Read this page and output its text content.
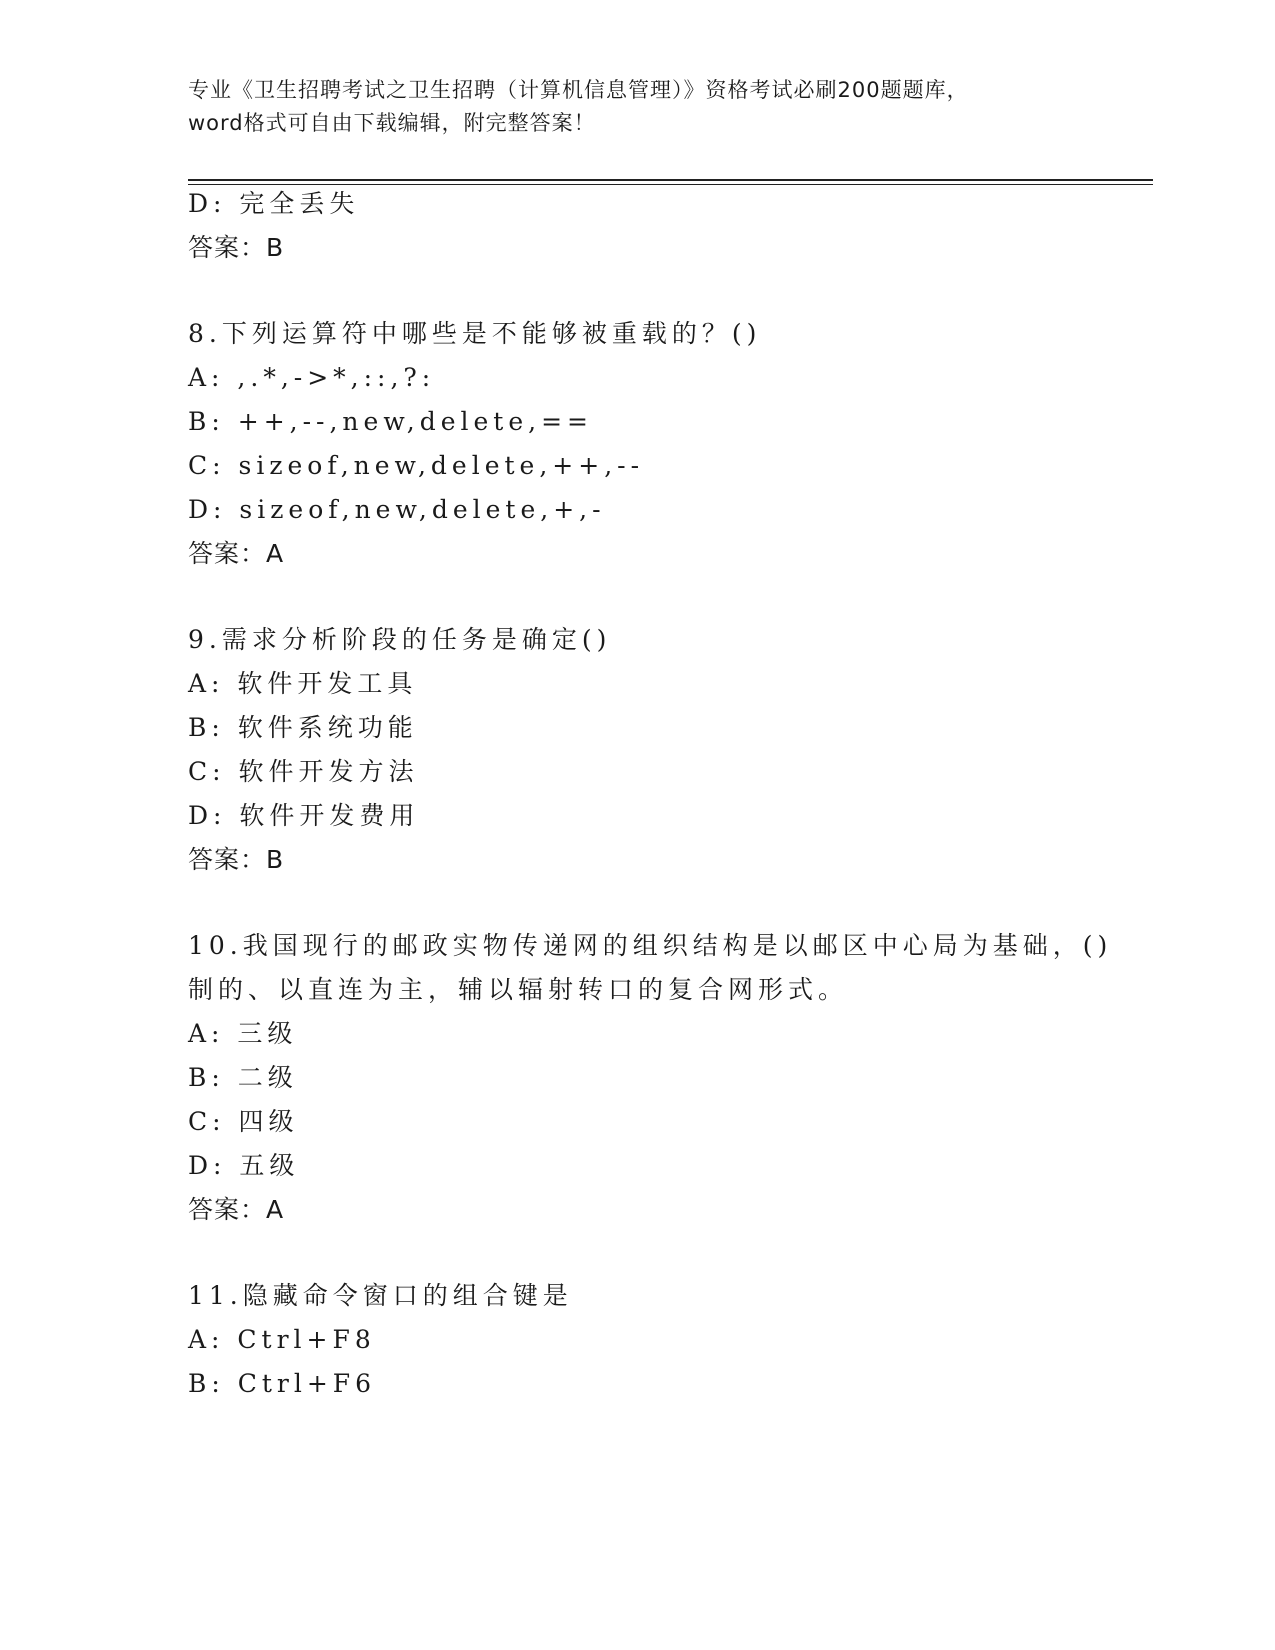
专业《卫生招聘考试之卫生招聘（计算机信息管理）》资格考试必刷200题题库，
word格式可自由下载编辑，附完整答案！
D: 完全丢失
答案：B
8.下列运算符中哪些是不能够被重载的？()
A: ,.*,->*,::,?:
B: ++,--,new,delete,==
C: sizeof,new,delete,++,--
D: sizeof,new,delete,+,-
答案：A
9.需求分析阶段的任务是确定()
A: 软件开发工具
B: 软件系统功能
C: 软件开发方法
D: 软件开发费用
答案：B
10.我国现行的邮政实物传递网的组织结构是以邮区中心局为基础，()
制的、以直连为主，辅以辐射转口的复合网形式。
A: 三级
B: 二级
C: 四级
D: 五级
答案：A
11.隐藏命令窗口的组合键是
A: Ctrl+F8
B: Ctrl+F6
